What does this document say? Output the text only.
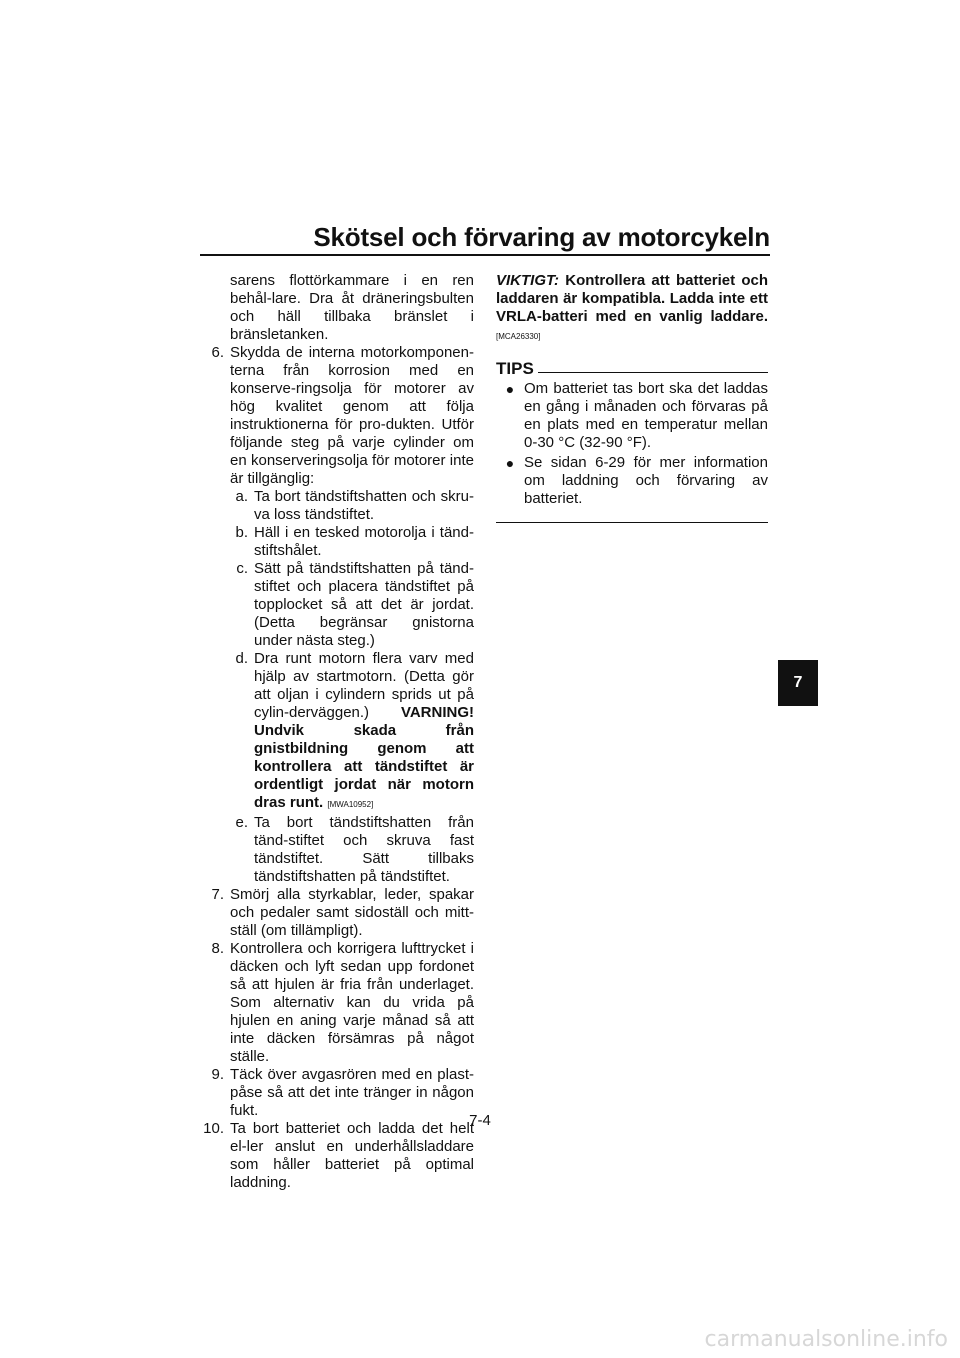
Skötsel och förvaring av motorcykeln
sarens flottörkammare i en ren behål-lare. Dra åt dräneringsbulten och häll tillbaka bränslet i bränsletanken.
6. Skydda de interna motorkomponen-terna från korrosion med en konserve-ringsolja för motorer av hög kvalitet genom att följa instruktionerna för pro-dukten. Utför följande steg på varje cylinder om en konserveringsolja för motorer inte är tillgänglig:
a. Ta bort tändstiftshatten och skru-va loss tändstiftet.
b. Häll i en tesked motorolja i tänd-stiftshålet.
c. Sätt på tändstiftshatten på tänd-stiftet och placera tändstiftet på topplocket så att det är jordat. (Detta begränsar gnistorna under nästa steg.)
d. Dra runt motorn flera varv med hjälp av startmotorn. (Detta gör att oljan i cylindern sprids ut på cylin-derväggen.) VARNING! Undvik skada från gnistbildning genom att kontrollera att tändstiftet är ordentligt jordat när motorn dras runt. [MWA10952]
e. Ta bort tändstiftshatten från tänd-stiftet och skruva fast tändstiftet. Sätt tillbaks tändstiftshatten på tändstiftet.
7. Smörj alla styrkablar, leder, spakar och pedaler samt sidoställ och mitt-ställ (om tillämpligt).
8. Kontrollera och korrigera lufttrycket i däcken och lyft sedan upp fordonet så att hjulen är fria från underlaget. Som alternativ kan du vrida på hjulen en aning varje månad så att inte däcken försämras på något ställe.
9. Täck över avgasrören med en plast-påse så att det inte tränger in någon fukt.
10. Ta bort batteriet och ladda det helt el-ler anslut en underhållsladdare som håller batteriet på optimal laddning.
VIKTIGT: Kontrollera att batteriet och laddaren är kompatibla. Ladda inte ett VRLA-batteri med en vanlig laddare. [MCA26330]
TIPS
● Om batteriet tas bort ska det laddas en gång i månaden och förvaras på en plats med en temperatur mellan 0-30 °C (32-90 °F).
● Se sidan 6-29 för mer information om laddning och förvaring av batteriet.
7-4
7
carmanualsonline.info
